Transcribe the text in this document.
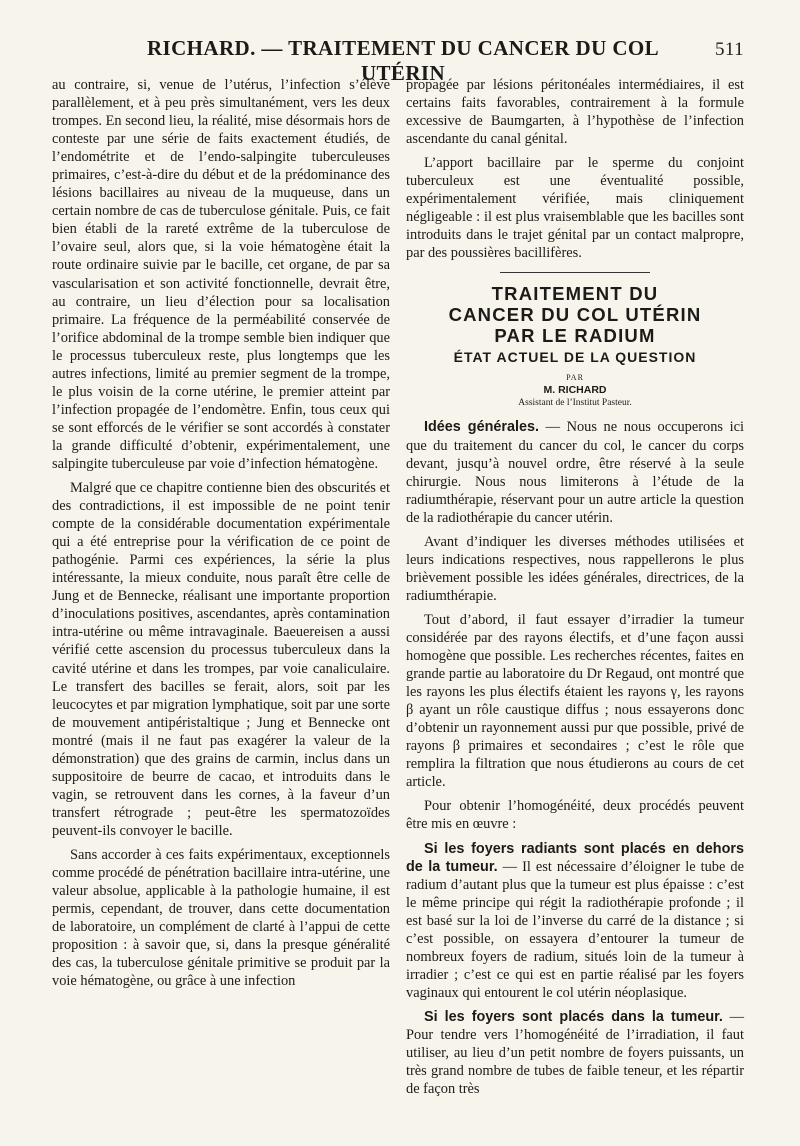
RICHARD. — TRAITEMENT DU CANCER DU COL UTÉRIN
511

au contraire, si, venue de l’utérus, l’infection s’élève parallèlement, et à peu près simultanément, vers les deux trompes. En second lieu, la réalité, mise désormais hors de conteste par une série de faits exactement étudiés, de l’endométrite et de l’endo-salpingite tuberculeuses primaires, c’est-à-dire du début et de la prédominance des lésions bacillaires au niveau de la muqueuse, dans un certain nombre de cas de tuberculose génitale. Puis, ce fait bien établi de la rareté extrême de la tuberculose de l’ovaire seul, alors que, si la voie hématogène était la route ordinaire suivie par le bacille, cet organe, de par sa vascularisation et son activité fonctionnelle, devrait être, au contraire, un lieu d’élection pour sa localisation primaire. La fréquence de la perméabilité conservée de l’orifice abdominal de la trompe semble bien indiquer que le processus tuberculeux reste, plus longtemps que les autres infections, limité au premier segment de la trompe, le plus voisin de la corne utérine, le premier atteint par l’infection propagée de l’endomètre. Enfin, tous ceux qui se sont efforcés de le vérifier se sont accordés à constater la grande difficulté d’obtenir, expérimentalement, une salpingite tuberculeuse par voie d’infection hématogène.

Malgré que ce chapitre contienne bien des obscurités et des contradictions, il est impossible de ne point tenir compte de la considérable documentation expérimentale qui a été entreprise pour la vérification de ce point de pathogénie. Parmi ces expériences, la série la plus intéressante, la mieux conduite, nous paraît être celle de Jung et de Bennecke, réalisant une importante proportion d’inoculations positives, ascendantes, après contamination intra-utérine ou même intravaginale. Baeuereisen a aussi vérifié cette ascension du processus tuberculeux dans la cavité utérine et dans les trompes, par voie canaliculaire. Le transfert des bacilles se ferait, alors, soit par les leucocytes et par migration lymphatique, soit par une sorte de mouvement antipéristaltique ; Jung et Bennecke ont montré (mais il ne faut pas exagérer la valeur de la démonstration) que des grains de carmin, inclus dans un suppositoire de beurre de cacao, et introduits dans le vagin, se retrouvent dans les cornes, à la faveur d’un transfert rétrograde ; peut-être les spermatozoïdes peuvent-ils convoyer le bacille.

Sans accorder à ces faits expérimentaux, exceptionnels comme procédé de pénétration bacillaire intra-utérine, une valeur absolue, applicable à la pathologie humaine, il est permis, cependant, de trouver, dans cette documentation de laboratoire, un complément de clarté à l’appui de cette proposition : à savoir que, si, dans la presque généralité des cas, la tuberculose génitale primitive se produit par la voie hématogène, ou grâce à une infection

propagée par lésions péritonéales intermédiaires, il est certains faits favorables, contrairement à la formule excessive de Baumgarten, à l’hypothèse de l’infection ascendante du canal génital.

L’apport bacillaire par le sperme du conjoint tuberculeux est une éventualité possible, expérimentalement vérifiée, mais cliniquement négligeable : il est plus vraisemblable que les bacilles sont introduits dans le trajet génital par un contact malpropre, par des poussières bacillifères.

TRAITEMENT DU
CANCER DU COL UTÉRIN
PAR LE RADIUM
ÉTAT ACTUEL DE LA QUESTION
PAR
M. RICHARD
Assistant de l’Institut Pasteur.

Idées générales. — Nous ne nous occuperons ici que du traitement du cancer du col, le cancer du corps devant, jusqu’à nouvel ordre, être réservé à la seule chirurgie. Nous nous limiterons à l’étude de la radiumthérapie, réservant pour un autre article la question de la radiothérapie du cancer utérin.

Avant d’indiquer les diverses méthodes utilisées et leurs indications respectives, nous rappellerons le plus brièvement possible les idées générales, directrices, de la radiumthérapie.

Tout d’abord, il faut essayer d’irradier la tumeur considérée par des rayons électifs, et d’une façon aussi homogène que possible. Les recherches récentes, faites en grande partie au laboratoire du Dr Regaud, ont montré que les rayons les plus électifs étaient les rayons γ, les rayons β ayant un rôle caustique diffus ; nous essayerons donc d’obtenir un rayonnement aussi pur que possible, privé de rayons β primaires et secondaires ; c’est le rôle que remplira la filtration que nous étudierons au cours de cet article.

Pour obtenir l’homogénéité, deux procédés peuvent être mis en œuvre :

Si les foyers radiants sont placés en dehors de la tumeur. — Il est nécessaire d’éloigner le tube de radium d’autant plus que la tumeur est plus épaisse : c’est le même principe qui régit la radiothérapie profonde ; il est basé sur la loi de l’inverse du carré de la distance ; si c’est possible, on essayera d’entourer la tumeur de nombreux foyers de radium, situés loin de la tumeur à irradier ; c’est ce qui est en partie réalisé par les foyers vaginaux qui entourent le col utérin néoplasique.

Si les foyers sont placés dans la tumeur. — Pour tendre vers l’homogénéité de l’irradiation, il faut utiliser, au lieu d’un petit nombre de foyers puissants, un très grand nombre de tubes de faible teneur, et les répartir de façon très
